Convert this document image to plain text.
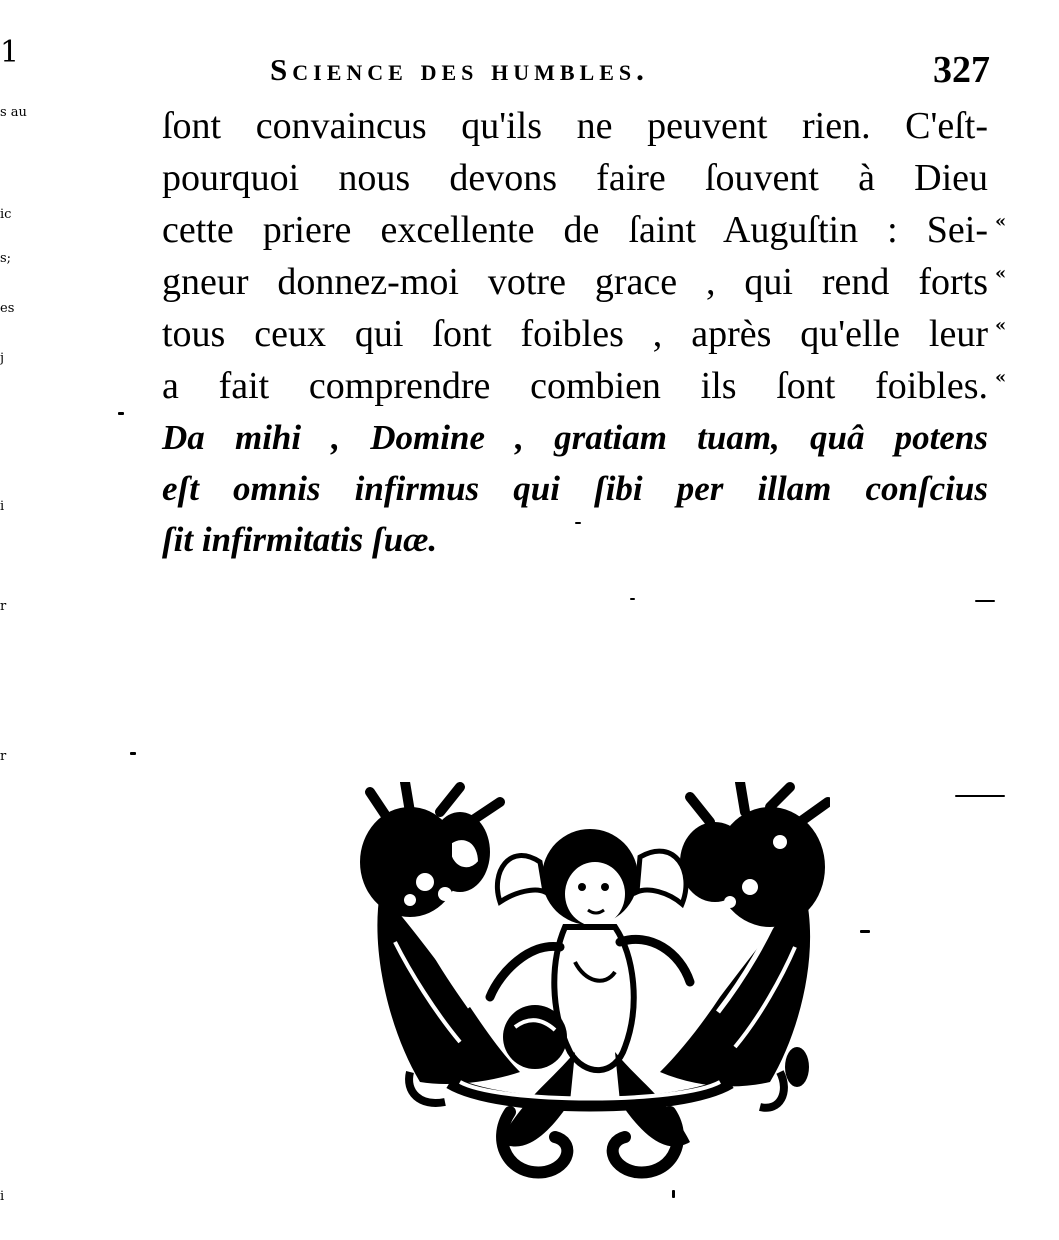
1
s au
ic
s;
es
j
i
r
r
i
Science des humbles.	327
ſont convaincus qu'ils ne peuvent rien. C'eſt-
pourquoi nous devons faire ſouvent à Dieu
cette priere excellente de ſaint Auguſtin : Sei-
gneur donnez-moi votre grace , qui rend forts
tous ceux qui ſont foibles , après qu'elle leur
a fait comprendre combien ils ſont foibles.
Da mihi , Domine , gratiam tuam, quâ potens
eſt omnis infirmus qui ſibi per illam conſcius
ſit infirmitatis ſuæ.
«
«
«
«
